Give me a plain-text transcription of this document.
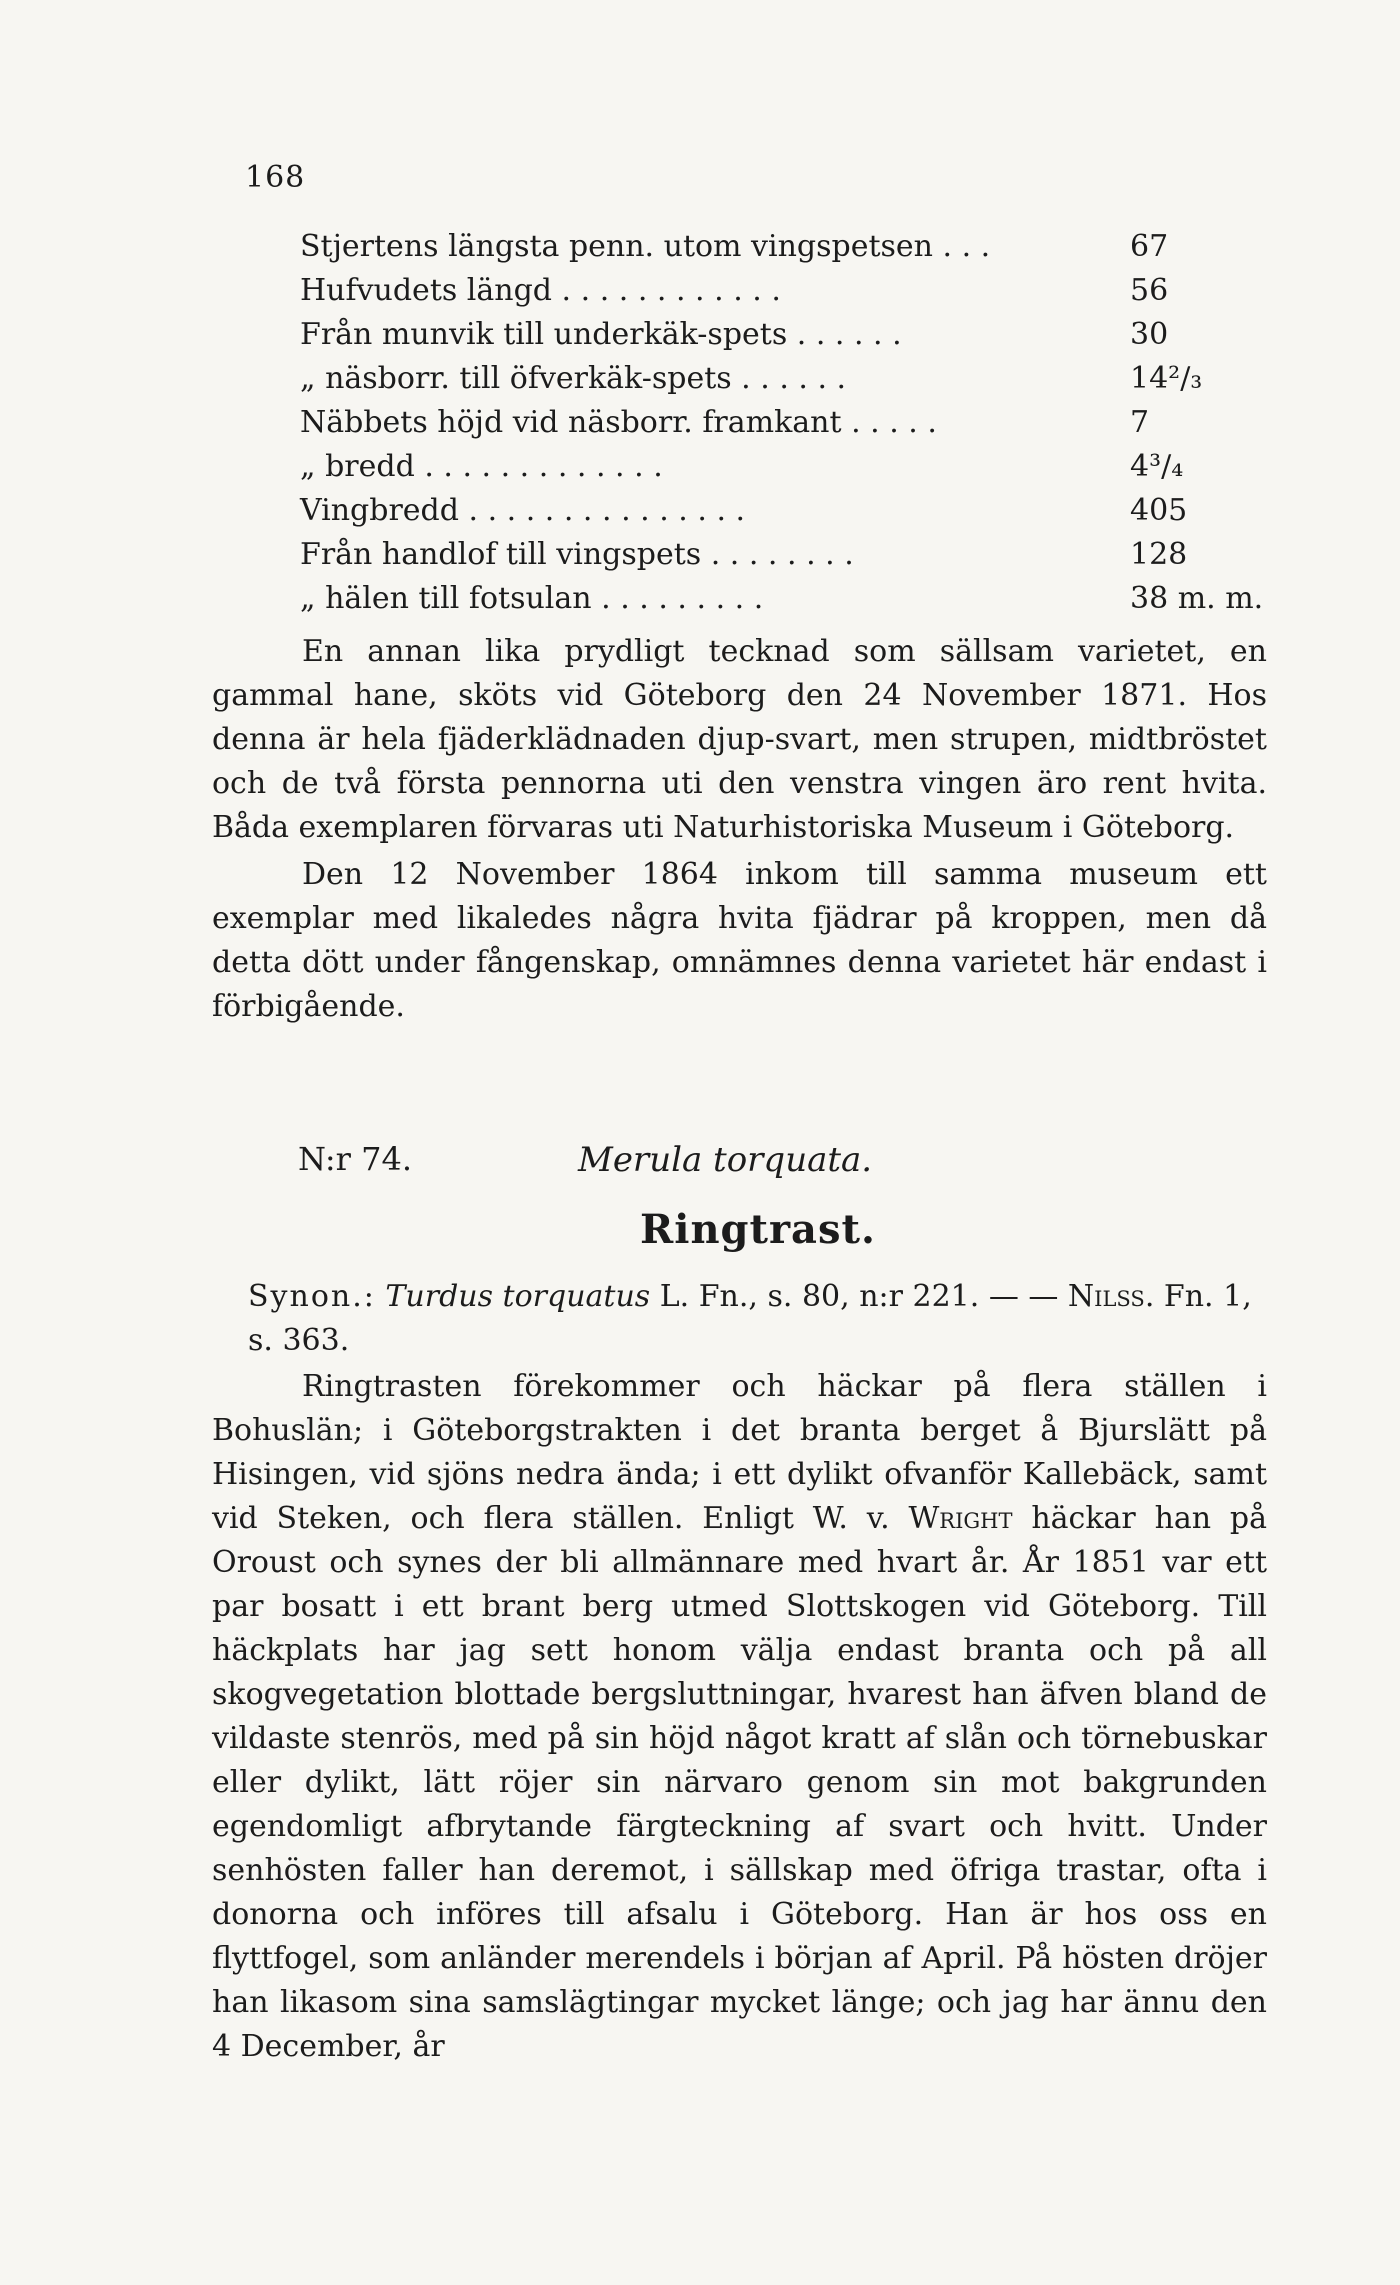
168
Stjertens längsta penn. utom vingspetsen . . .	67
Hufvudets längd . . . . . . . . . . . .	56
Från munvik till underkäk-spets . . . . . .	30
„ näsborr. till öfverkäk-spets . . . . . .	14²/₃
Näbbets höjd vid näsborr. framkant . . . . .	7
„ bredd . . . . . . . . . . . . .	4³/₄
Vingbredd . . . . . . . . . . . . . . .	405
Från handlof till vingspets . . . . . . . .	128
„ hälen till fotsulan . . . . . . . . .	38 m. m.

En annan lika prydligt tecknad som sällsam varietet, en gammal hane, sköts vid Göteborg den 24 November 1871. Hos denna är hela fjäderklädnaden djup-svart, men strupen, midtbröstet och de två första pennorna uti den venstra vingen äro rent hvita. Båda exemplaren förvaras uti Naturhistoriska Museum i Göteborg.

Den 12 November 1864 inkom till samma museum ett exemplar med likaledes några hvita fjädrar på kroppen, men då detta dött under fångenskap, omnämnes denna varietet här endast i förbigående.

N:r 74.	Merula torquata.
Ringtrast.

Synon.: Turdus torquatus L. Fn., s. 80, n:r 221. — — Nilss. Fn. 1, s. 363.

Ringtrasten förekommer och häckar på flera ställen i Bohuslän; i Göteborgstrakten i det branta berget å Bjurslätt på Hisingen, vid sjöns nedra ända; i ett dylikt ofvanför Kallebäck, samt vid Steken, och flera ställen. Enligt W. v. Wright häckar han på Oroust och synes der bli allmännare med hvart år. År 1851 var ett par bosatt i ett brant berg utmed Slottskogen vid Göteborg. Till häckplats har jag sett honom välja endast branta och på all skogvegetation blottade bergsluttningar, hvarest han äfven bland de vildaste stenrös, med på sin höjd något kratt af slån och törnebuskar eller dylikt, lätt röjer sin närvaro genom sin mot bakgrunden egendomligt afbrytande färgteckning af svart och hvitt. Under senhösten faller han deremot, i sällskap med öfriga trastar, ofta i donorna och införes till afsalu i Göteborg. Han är hos oss en flyttfogel, som anländer merendels i början af April. På hösten dröjer han likasom sina samslägtingar mycket länge; och jag har ännu den 4 December, år
